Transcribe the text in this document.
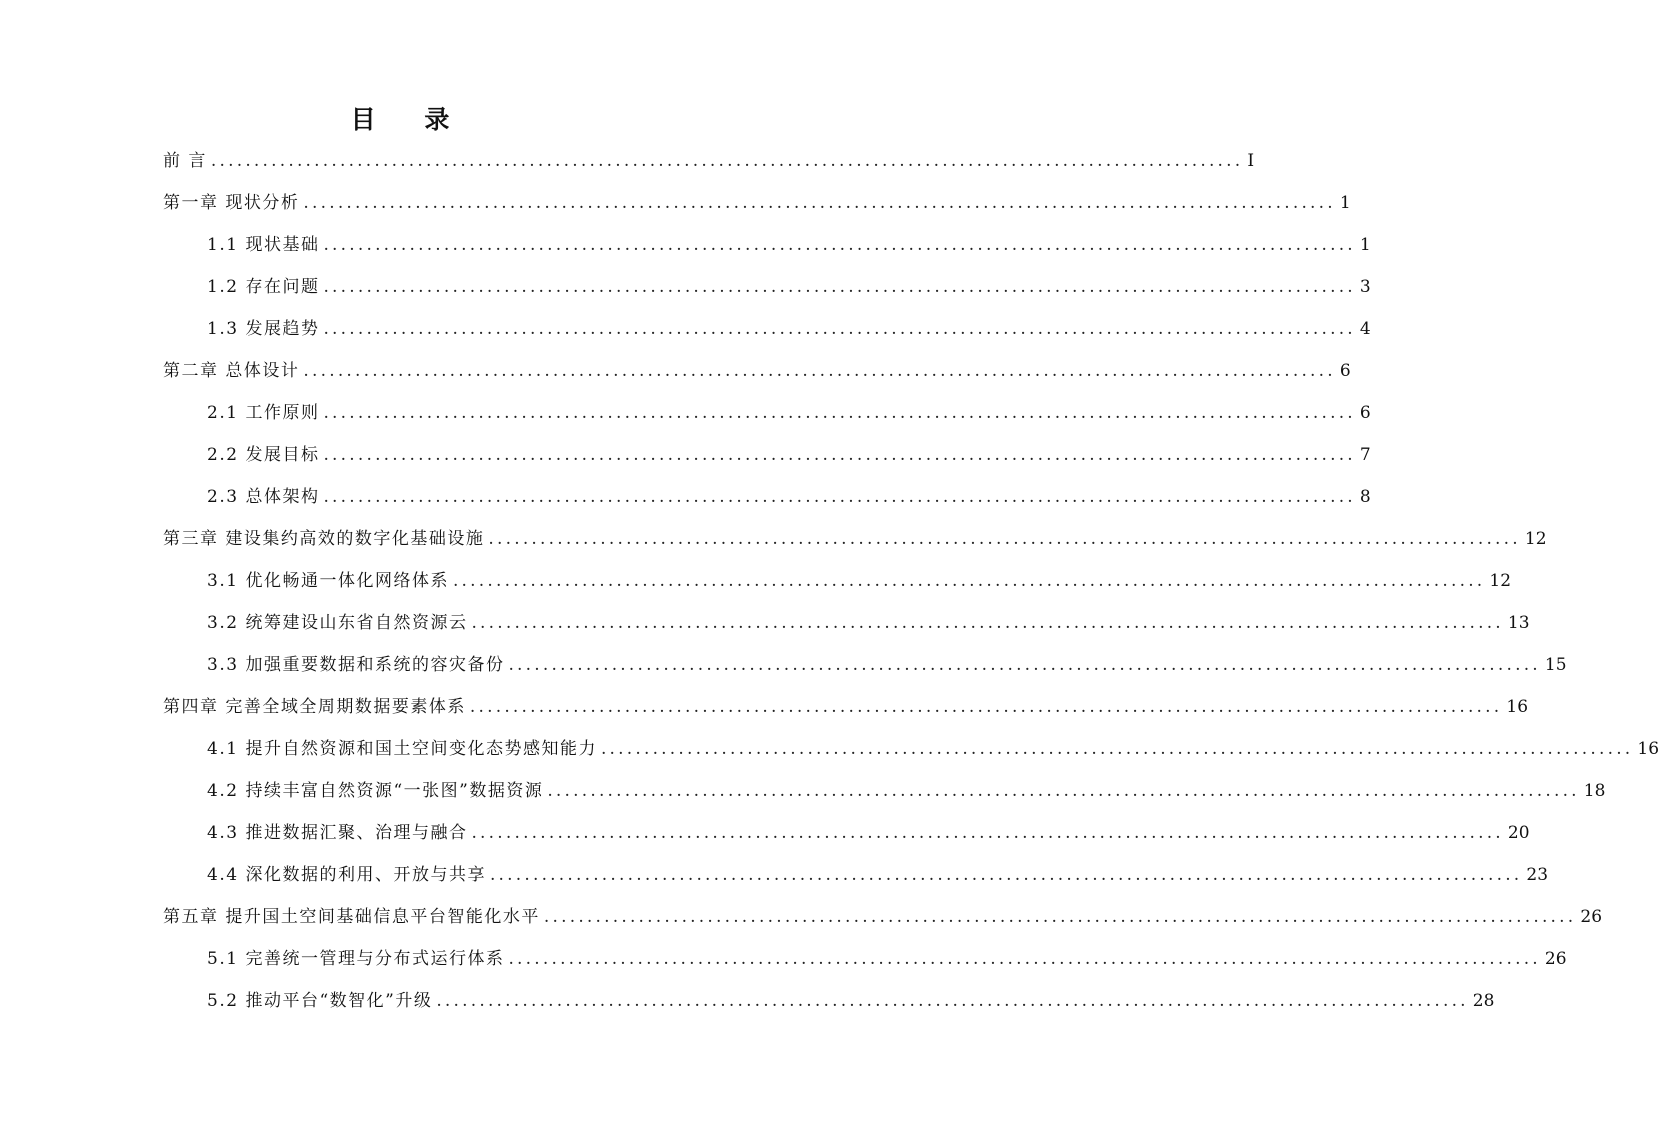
目 录
前 言 ........................................................................................................................ Ⅰ
第一章 现状分析 ........................................................................................................................ 1
1.1 现状基础 ........................................................................................................................ 1
1.2 存在问题 ........................................................................................................................ 3
1.3 发展趋势 ........................................................................................................................ 4
第二章 总体设计 ........................................................................................................................ 6
2.1 工作原则 ........................................................................................................................ 6
2.2 发展目标 ........................................................................................................................ 7
2.3 总体架构 ........................................................................................................................ 8
第三章 建设集约高效的数字化基础设施 ........................................................................................................................ 12
3.1 优化畅通一体化网络体系 ........................................................................................................................ 12
3.2 统筹建设山东省自然资源云 ........................................................................................................................ 13
3.3 加强重要数据和系统的容灾备份 ........................................................................................................................ 15
第四章 完善全域全周期数据要素体系 ........................................................................................................................ 16
4.1 提升自然资源和国土空间变化态势感知能力 ........................................................................................................................ 16
4.2 持续丰富自然资源“一张图”数据资源 ........................................................................................................................ 18
4.3 推进数据汇聚、治理与融合 ........................................................................................................................ 20
4.4 深化数据的利用、开放与共享 ........................................................................................................................ 23
第五章 提升国土空间基础信息平台智能化水平 ........................................................................................................................ 26
5.1 完善统一管理与分布式运行体系 ........................................................................................................................ 26
5.2 推动平台“数智化”升级 ........................................................................................................................ 28
